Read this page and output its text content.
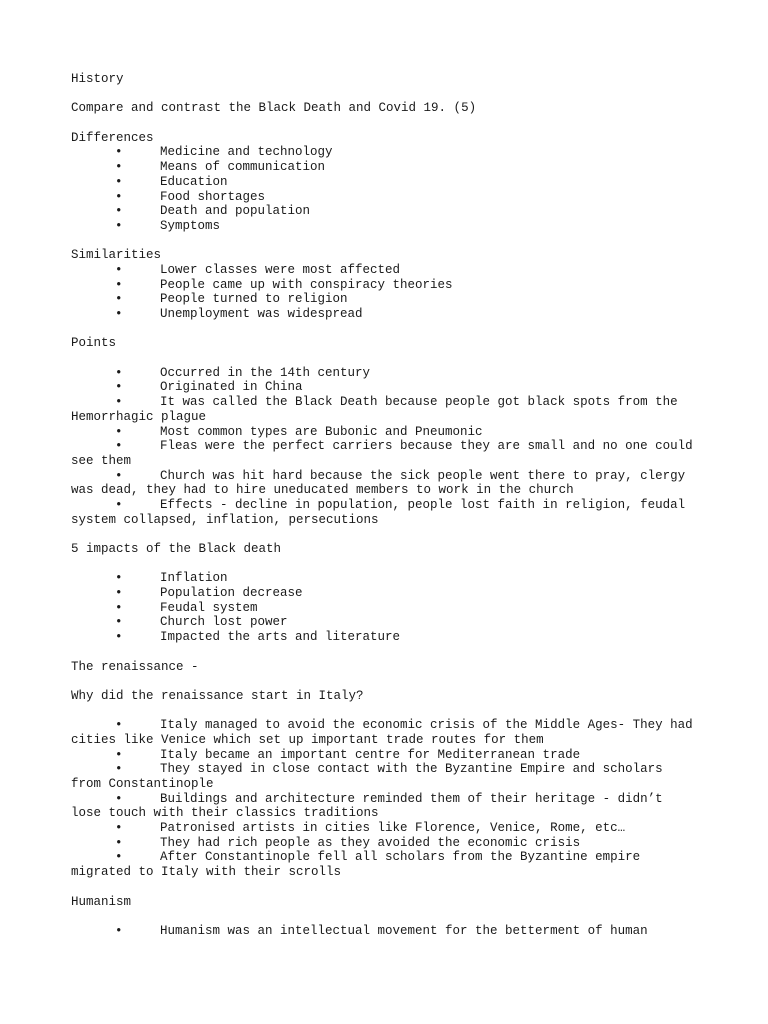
History
Compare and contrast the Black Death and Covid 19. (5)
Differences
•	Medicine and technology
•	Means of communication
•	Education
•	Food shortages
•	Death and population
•	Symptoms
Similarities
•	Lower classes were most affected
•	People came up with conspiracy theories
•	People turned to religion
•	Unemployment was widespread
Points
•	Occurred in the 14th century
•	Originated in China
•	It was called the Black Death because people got black spots from the
Hemorrhagic plague
•	Most common types are Bubonic and Pneumonic
•	Fleas were the perfect carriers because they are small and no one could
see them
•	Church was hit hard because the sick people went there to pray, clergy
was dead, they had to hire uneducated members to work in the church
•	Effects - decline in population, people lost faith in religion, feudal
system collapsed, inflation, persecutions
5 impacts of the Black death
•	Inflation
•	Population decrease
•	Feudal system
•	Church lost power
•	Impacted the arts and literature
The renaissance -
Why did the renaissance start in Italy?
•	Italy managed to avoid the economic crisis of the Middle Ages- They had
cities like Venice which set up important trade routes for them
•	Italy became an important centre for Mediterranean trade
•	They stayed in close contact with the Byzantine Empire and scholars
from Constantinople
•	Buildings and architecture reminded them of their heritage - didn’t
lose touch with their classics traditions
•	Patronised artists in cities like Florence, Venice, Rome, etc…
•	They had rich people as they avoided the economic crisis
•	After Constantinople fell all scholars from the Byzantine empire
migrated to Italy with their scrolls
Humanism
•	Humanism was an intellectual movement for the betterment of human
